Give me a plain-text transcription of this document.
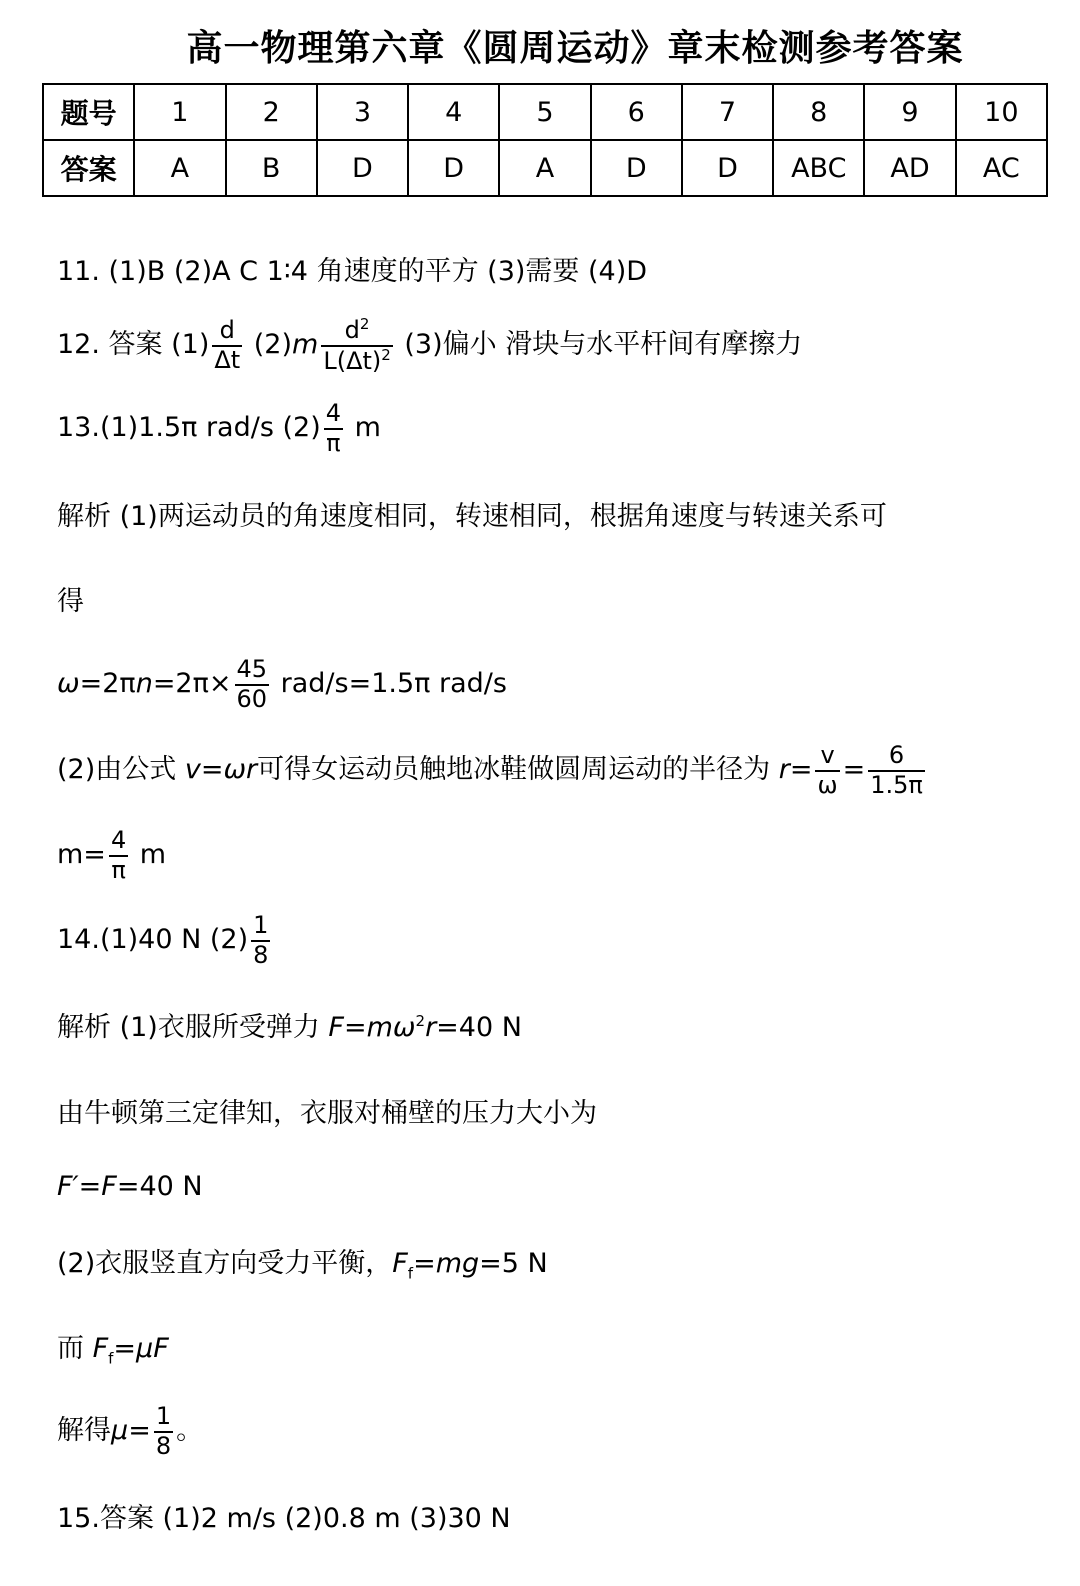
高一物理第六章《圆周运动》章末检测参考答案
题号	1	2	3	4	5	6	7	8	9	10
答案	A	B	D	D	A	D	D	ABC	AD	AC
11. (1)B (2)A C 1∶4 角速度的平方 (3)需要 (4)D
12. 答案 $(1) \frac{d}{\Delta t} (2)m \frac{d^2}{L(\Delta t)^2} (3)$偏小 滑块与水平杆间有摩擦力
13.(1)1.5π rad/s $(2) \frac{4}{\pi}$ m
解析 (1)两运动员的角速度相同，转速相同，根据角速度与转速关系可
得
$\omega=2\pi n=2\pi\times \frac{45}{60} rad/s=1.5\pi$ rad/s
(2)由公式 v=ωr可得女运动员触地冰鞋做圆周运动的半径为 $r= \frac{v}{\omega} = \frac{6}{1.5\pi}$
$m= \frac{4}{\pi}$ m
14.(1)40 N $(2) \frac{1}{8}$
解析 (1)衣服所受弹力 $F=m\omega^2r=40$ N
由牛顿第三定律知，衣服对桶壁的压力大小为
F′=F=40 N
(2)衣服竖直方向受力平衡，$F_f=mg=5$ N
而 $F_f=\mu F$
解得$\mu= \frac{1}{8}$ 。
15.答案 (1)2 m/s (2)0.8 m (3)30 N
